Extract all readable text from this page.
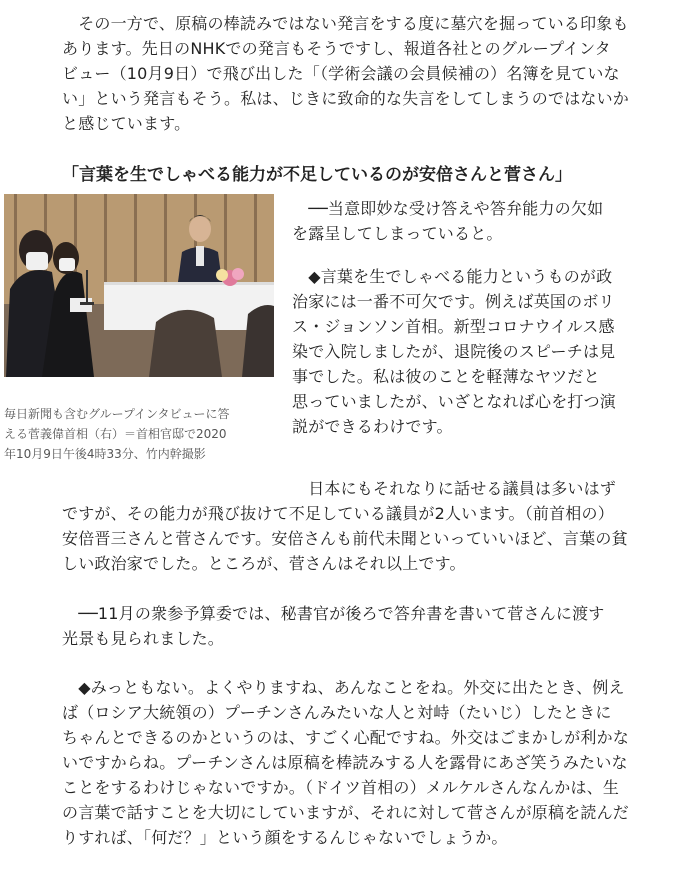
　その一方で、原稿の棒読みではない発言をする度に墓穴を掘っている印象も
あります。先日のNHKでの発言もそうですし、報道各社とのグループインタ
ビュー（10月9日）で飛び出した「（学術会議の会員候補の）名簿を見ていな
い」という発言もそう。私は、じきに致命的な失言をしてしまうのではないか
と感じています。
「言葉を生でしゃべる能力が不足しているのが安倍さんと菅さん」
毎日新聞も含むグループインタビューに答
える菅義偉首相（右）＝首相官邸で2020
年10月9日午後4時33分、竹内幹撮影
　──当意即妙な受け答えや答弁能力の欠如
を露呈してしまっていると。
　◆言葉を生でしゃべる能力というものが政
治家には一番不可欠です。例えば英国のボリ
ス・ジョンソン首相。新型コロナウイルス感
染で入院しましたが、退院後のスピーチは見
事でした。私は彼のことを軽薄なヤツだと
思っていましたが、いざとなれば心を打つ演
説ができるわけです。
　日本にもそれなりに話せる議員は多いはず
ですが、その能力が飛び抜けて不足している議員が2人います。（前首相の）
安倍晋三さんと菅さんです。安倍さんも前代未聞といっていいほど、言葉の貧
しい政治家でした。ところが、菅さんはそれ以上です。
　──11月の衆参予算委では、秘書官が後ろで答弁書を書いて菅さんに渡す
光景も見られました。
　◆みっともない。よくやりますね、あんなことをね。外交に出たとき、例え
ば（ロシア大統領の）プーチンさんみたいな人と対峙（たいじ）したときに
ちゃんとできるのかというのは、すごく心配ですね。外交はごまかしが利かな
いですからね。プーチンさんは原稿を棒読みする人を露骨にあざ笑うみたいな
ことをするわけじゃないですか。（ドイツ首相の）メルケルさんなんかは、生
の言葉で話すことを大切にしていますが、それに対して菅さんが原稿を読んだ
りすれば、「何だ？」という顔をするんじゃないでしょうか。
